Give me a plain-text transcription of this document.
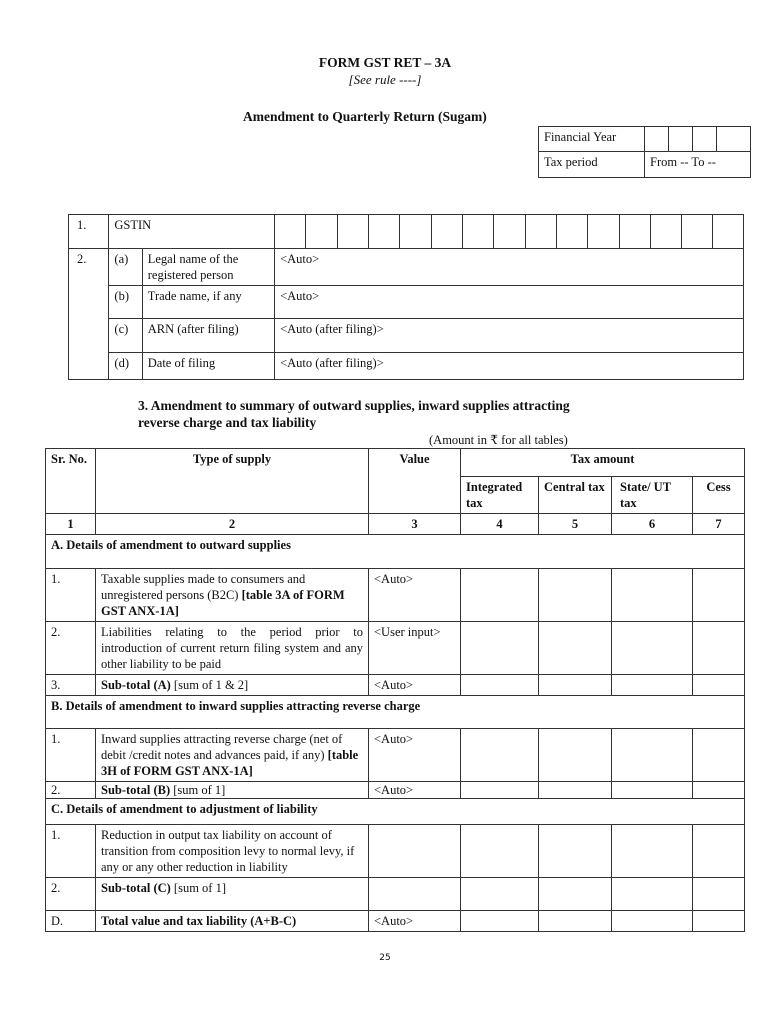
FORM GST RET – 3A
[See rule ----]
Amendment to Quarterly Return (Sugam)
Financial Year				
Tax period	From -- To --			
1.	GSTIN																
2.	(a)	Legal name of the registered person	<Auto>														
	(b)	Trade name, if any	<Auto>														
	(c)	ARN (after filing)	<Auto (after filing)>														
	(d)	Date of filing	<Auto (after filing)>														
3. Amendment to summary of outward supplies, inward supplies attracting
reverse charge and tax liability
(Amount in ₹ for all tables)
Sr. No.	Type of supply	Value	Tax amount			
			Integrated tax	Central tax	State/ UT tax	Cess
1	2	3	4	5	6	7
A. Details of amendment to outward supplies						
1.	Taxable supplies made to consumers and unregistered persons (B2C) [table 3A of FORM GST ANX-1A]	<Auto>				
2.	Liabilities relating to the period prior to introduction of current return filing system and any other liability to be paid	<User input>				
3.	Sub-total (A) [sum of 1 & 2]	<Auto>				
B. Details of amendment to inward supplies attracting reverse charge						
1.	Inward supplies attracting reverse charge (net of debit /credit notes and advances paid, if any) [table 3H of FORM GST ANX-1A]	<Auto>				
2.	Sub-total (B) [sum of 1]	<Auto>				
C. Details of amendment to adjustment of liability						
1.	Reduction in output tax liability on account of transition from composition levy to normal levy, if any or any other reduction in liability					
2.	Sub-total (C) [sum of 1]					
D.	Total value and tax liability (A+B-C)	<Auto>				
25
